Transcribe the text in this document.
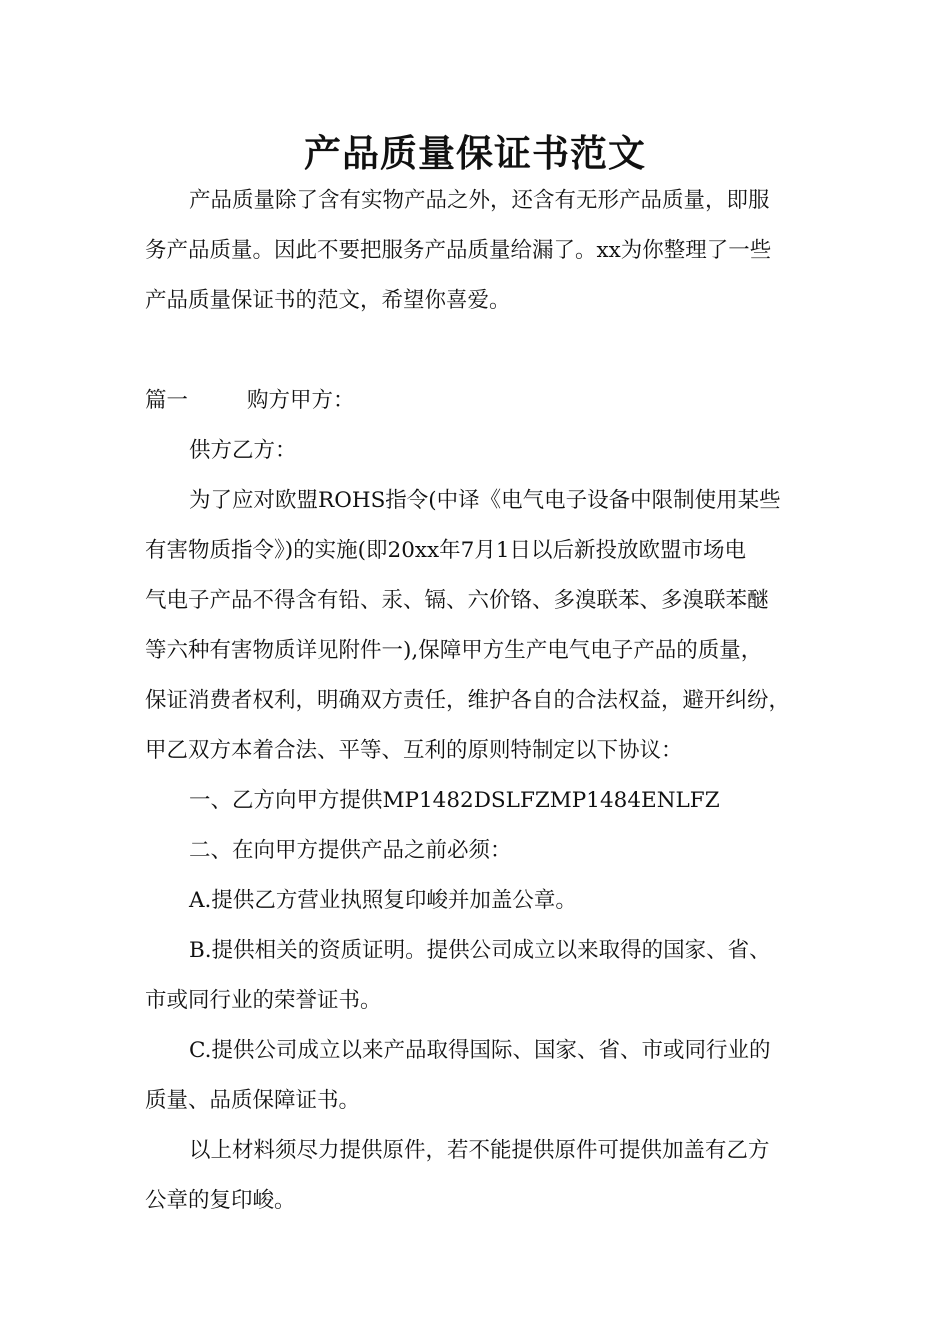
产品质量保证书范文
产品质量除了含有实物产品之外，还含有无形产品质量，即服
务产品质量。因此不要把服务产品质量给漏了。xx为你整理了一些
产品质量保证书的范文，希望你喜爱。
篇一	购方甲方：
供方乙方：
为了应对欧盟ROHS指令(中译《电气电子设备中限制使用某些
有害物质指令》)的实施(即20xx年7月1日以后新投放欧盟市场电
气电子产品不得含有铅、汞、镉、六价铬、多溴联苯、多溴联苯醚
等六种有害物质详见附件一),保障甲方生产电气电子产品的质量，
保证消费者权利，明确双方责任，维护各自的合法权益，避开纠纷，
甲乙双方本着合法、平等、互利的原则特制定以下协议：
一、乙方向甲方提供MP1482DSLFZMP1484ENLFZ
二、在向甲方提供产品之前必须：
A.提供乙方营业执照复印峻并加盖公章。
B.提供相关的资质证明。提供公司成立以来取得的国家、省、
市或同行业的荣誉证书。
C.提供公司成立以来产品取得国际、国家、省、市或同行业的
质量、品质保障证书。
以上材料须尽力提供原件，若不能提供原件可提供加盖有乙方
公章的复印峻。
